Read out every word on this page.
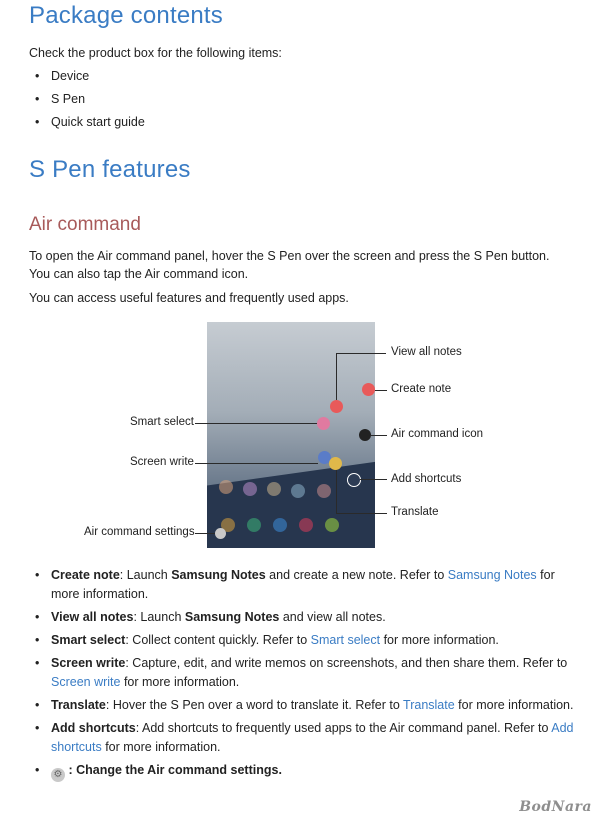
Package contents

Check the product box for the following items:

• Device
• S Pen
• Quick start guide
S Pen features
Air command

To open the Air command panel, hover the S Pen over the screen and press the S Pen button.

You can also tap the Air command icon.

You can access useful features and frequently used apps.

View all notes
Create note
Air command icon
Add shortcuts
Translate
Smart select
Screen write
Air command settings
• Create note: Launch Samsung Notes and create a new note. Refer to Samsung Notes for more information.
• View all notes: Launch Samsung Notes and view all notes.
• Smart select: Collect content quickly. Refer to Smart select for more information.
• Screen write: Capture, edit, and write memos on screenshots, and then share them. Refer to Screen write for more information.
• Translate: Hover the S Pen over a word to translate it. Refer to Translate for more information.
• Add shortcuts: Add shortcuts to frequently used apps to the Air command panel. Refer to Add shortcuts for more information.
• ⚙ : Change the Air command settings.
BodNara
